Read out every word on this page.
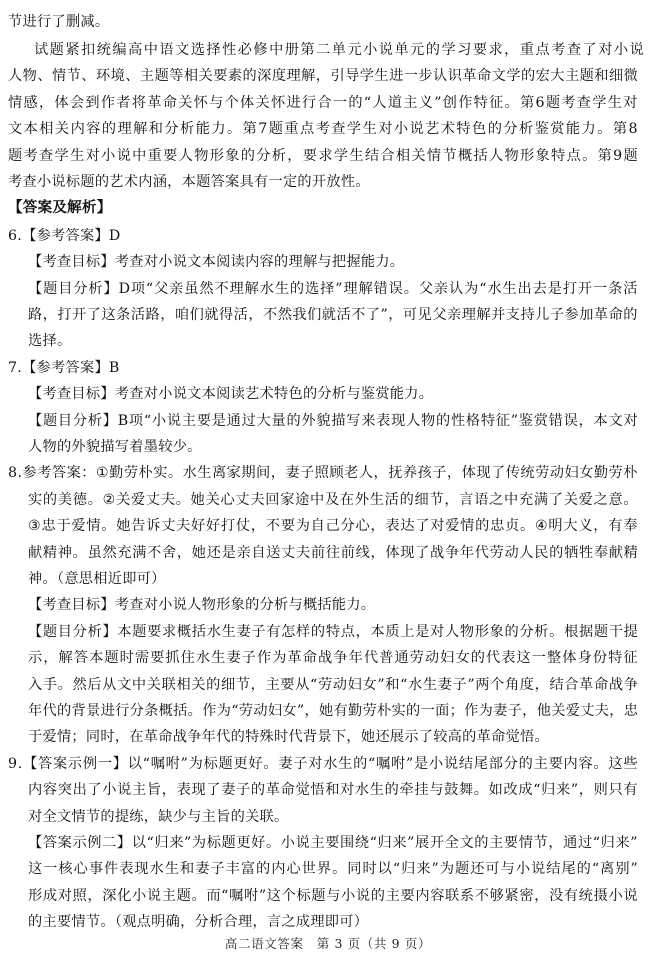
节进行了删减。
试 题 紧 扣 统 编 高 中 语 文 选 择 性 必 修 中 册 第 二 单 元 小 说 单 元 的 学 习 要 求 ， 重 点 考 查 了 对 小 说
人 物 、 情 节 、 环 境 、 主 题 等 相 关 要 素 的 深 度 理 解 ， 引 导 学 生 进 一 步 认 识 革 命 文 学 的 宏 大 主 题 和 细 微
情 感 ， 体 会 到 作 者 将 革 命 关 怀 与 个 体 关 怀 进 行 合 一 的 “ 人 道 主 义 ” 创 作 特 征 。 第 6 题 考 查 学 生 对
文 本 相 关 内 容 的 理 解 和 分 析 能 力 。 第 7 题 重 点 考 查 学 生 对 小 说 艺 术 特 色 的 分 析 鉴 赏 能 力 。 第 8
题 考 查 学 生 对 小 说 中 重 要 人 物 形 象 的 分 析 ， 要 求 学 生 结 合 相 关 情 节 概 括 人 物 形 象 特 点 。 第 9 题
考查小说标题的艺术内涵，本题答案具有一定的开放性。
【答案及解析】
6.【参考答案】D
【考查目标】考查对小说文本阅读内容的理解与把握能力。
【 题 目 分 析 】 D 项 “ 父 亲 虽 然 不 理 解 水 生 的 选 择 ” 理 解 错 误 。 父 亲 认 为 “ 水 生 出 去 是 打 开 一 条 活
路 ， 打 开 了 这 条 活 路 ， 咱 们 就 得 活 ， 不 然 我 们 就 活 不 了 ” ， 可 见 父 亲 理 解 并 支 持 儿 子 参 加 革 命 的
选择。
7.【参考答案】B
【考查目标】考查对小说文本阅读艺术特色的分析与鉴赏能力。
【 题 目 分 析 】 B 项 “ 小 说 主 要 是 通 过 大 量 的 外 貌 描 写 来 表 现 人 物 的 性 格 特 征 ” 鉴 赏 错 误 ， 本 文 对
人物的外貌描写着墨较少。
8 . 参 考 答 案 ： ① 勤 劳 朴 实 。 水 生 离 家 期 间 ， 妻 子 照 顾 老 人 ， 抚 养 孩 子 ， 体 现 了 传 统 劳 动 妇 女 勤 劳 朴
实 的 美 德 。 ② 关 爱 丈 夫 。 她 关 心 丈 夫 回 家 途 中 及 在 外 生 活 的 细 节 ， 言 语 之 中 充 满 了 关 爱 之 意 。
③ 忠 于 爱 情 。 她 告 诉 丈 夫 好 好 打 仗 ， 不 要 为 自 己 分 心 ， 表 达 了 对 爱 情 的 忠 贞 。 ④ 明 大 义 ， 有 奉
献 精 神 。 虽 然 充 满 不 舍 ， 她 还 是 亲 自 送 丈 夫 前 往 前 线 ， 体 现 了 战 争 年 代 劳 动 人 民 的 牺 牲 奉 献 精
神。（意思相近即可）
【考查目标】考查对小说人物形象的分析与概括能力。
【 题 目 分 析 】 本 题 要 求 概 括 水 生 妻 子 有 怎 样 的 特 点 ， 本 质 上 是 对 人 物 形 象 的 分 析 。 根 据 题 干 提
示 ， 解 答 本 题 时 需 要 抓 住 水 生 妻 子 作 为 革 命 战 争 年 代 普 通 劳 动 妇 女 的 代 表 这 一 整 体 身 份 特 征
入 手 。 然 后 从 文 中 关 联 相 关 的 细 节 ， 主 要 从 “ 劳 动 妇 女 ” 和 “ 水 生 妻 子 ” 两 个 角 度 ， 结 合 革 命 战 争
年 代 的 背 景 进 行 分 条 概 括 。 作 为 “ 劳 动 妇 女 ” ， 她 有 勤 劳 朴 实 的 一 面 ； 作 为 妻 子 ， 他 关 爱 丈 夫 ， 忠
于爱情；同时，在革命战争年代的特殊时代背景下，她还展示了较高的革命觉悟。
9 . 【 答 案 示 例 一 】 以 “ 嘱 咐 ” 为 标 题 更 好 。 妻 子 对 水 生 的 “ 嘱 咐 ” 是 小 说 结 尾 部 分 的 主 要 内 容 。 这 些
内 容 突 出 了 小 说 主 旨 ， 表 现 了 妻 子 的 革 命 觉 悟 和 对 水 生 的 牵 挂 与 鼓 舞 。 如 改 成 “ 归 来 ” ， 则 只 有
对全文情节的提练，缺少与主旨的关联。
【 答 案 示 例 二 】 以 “ 归 来 ” 为 标 题 更 好 。 小 说 主 要 围 绕 “ 归 来 ” 展 开 全 文 的 主 要 情 节 ， 通 过 “ 归 来 ”
这 一 核 心 事 件 表 现 水 生 和 妻 子 丰 富 的 内 心 世 界 。 同 时 以 “ 归 来 ” 为 题 还 可 与 小 说 结 尾 的 “ 离 别 ”
形 成 对 照 ， 深 化 小 说 主 题 。 而 “ 嘱 咐 ” 这 个 标 题 与 小 说 的 主 要 内 容 联 系 不 够 紧 密 ， 没 有 统 摄 小 说
的主要情节。（观点明确，分析合理，言之成理即可）
高二语文答案　第 3 页（共 9 页）
